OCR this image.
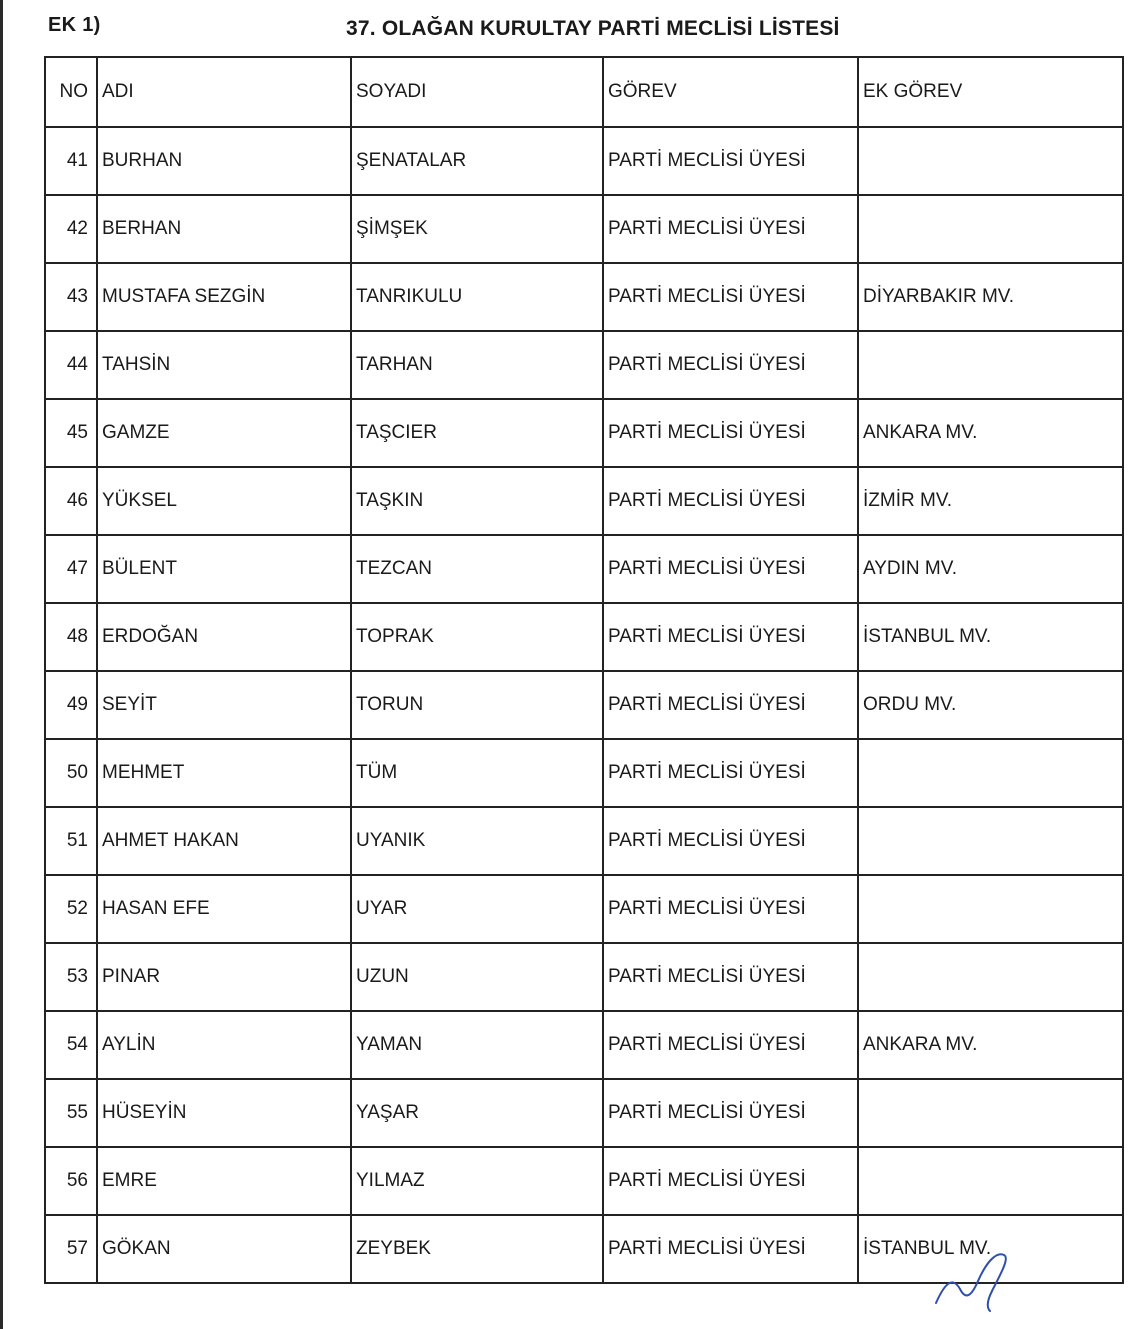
EK 1)	37. OLAĞAN KURULTAY PARTİ MECLİSİ LİSTESİ
NO	ADI	SOYADI	GÖREV	EK GÖREV
41	BURHAN	ŞENATALAR	PARTİ MECLİSİ ÜYESİ	
42	BERHAN	ŞİMŞEK	PARTİ MECLİSİ ÜYESİ	
43	MUSTAFA SEZGİN	TANRIKULU	PARTİ MECLİSİ ÜYESİ	DİYARBAKIR MV.
44	TAHSİN	TARHAN	PARTİ MECLİSİ ÜYESİ	
45	GAMZE	TAŞCIER	PARTİ MECLİSİ ÜYESİ	ANKARA MV.
46	YÜKSEL	TAŞKIN	PARTİ MECLİSİ ÜYESİ	İZMİR MV.
47	BÜLENT	TEZCAN	PARTİ MECLİSİ ÜYESİ	AYDIN MV.
48	ERDOĞAN	TOPRAK	PARTİ MECLİSİ ÜYESİ	İSTANBUL MV.
49	SEYİT	TORUN	PARTİ MECLİSİ ÜYESİ	ORDU MV.
50	MEHMET	TÜM	PARTİ MECLİSİ ÜYESİ	
51	AHMET HAKAN	UYANIK	PARTİ MECLİSİ ÜYESİ	
52	HASAN EFE	UYAR	PARTİ MECLİSİ ÜYESİ	
53	PINAR	UZUN	PARTİ MECLİSİ ÜYESİ	
54	AYLİN	YAMAN	PARTİ MECLİSİ ÜYESİ	ANKARA MV.
55	HÜSEYİN	YAŞAR	PARTİ MECLİSİ ÜYESİ	
56	EMRE	YILMAZ	PARTİ MECLİSİ ÜYESİ	
57	GÖKAN	ZEYBEK	PARTİ MECLİSİ ÜYESİ	İSTANBUL MV.
